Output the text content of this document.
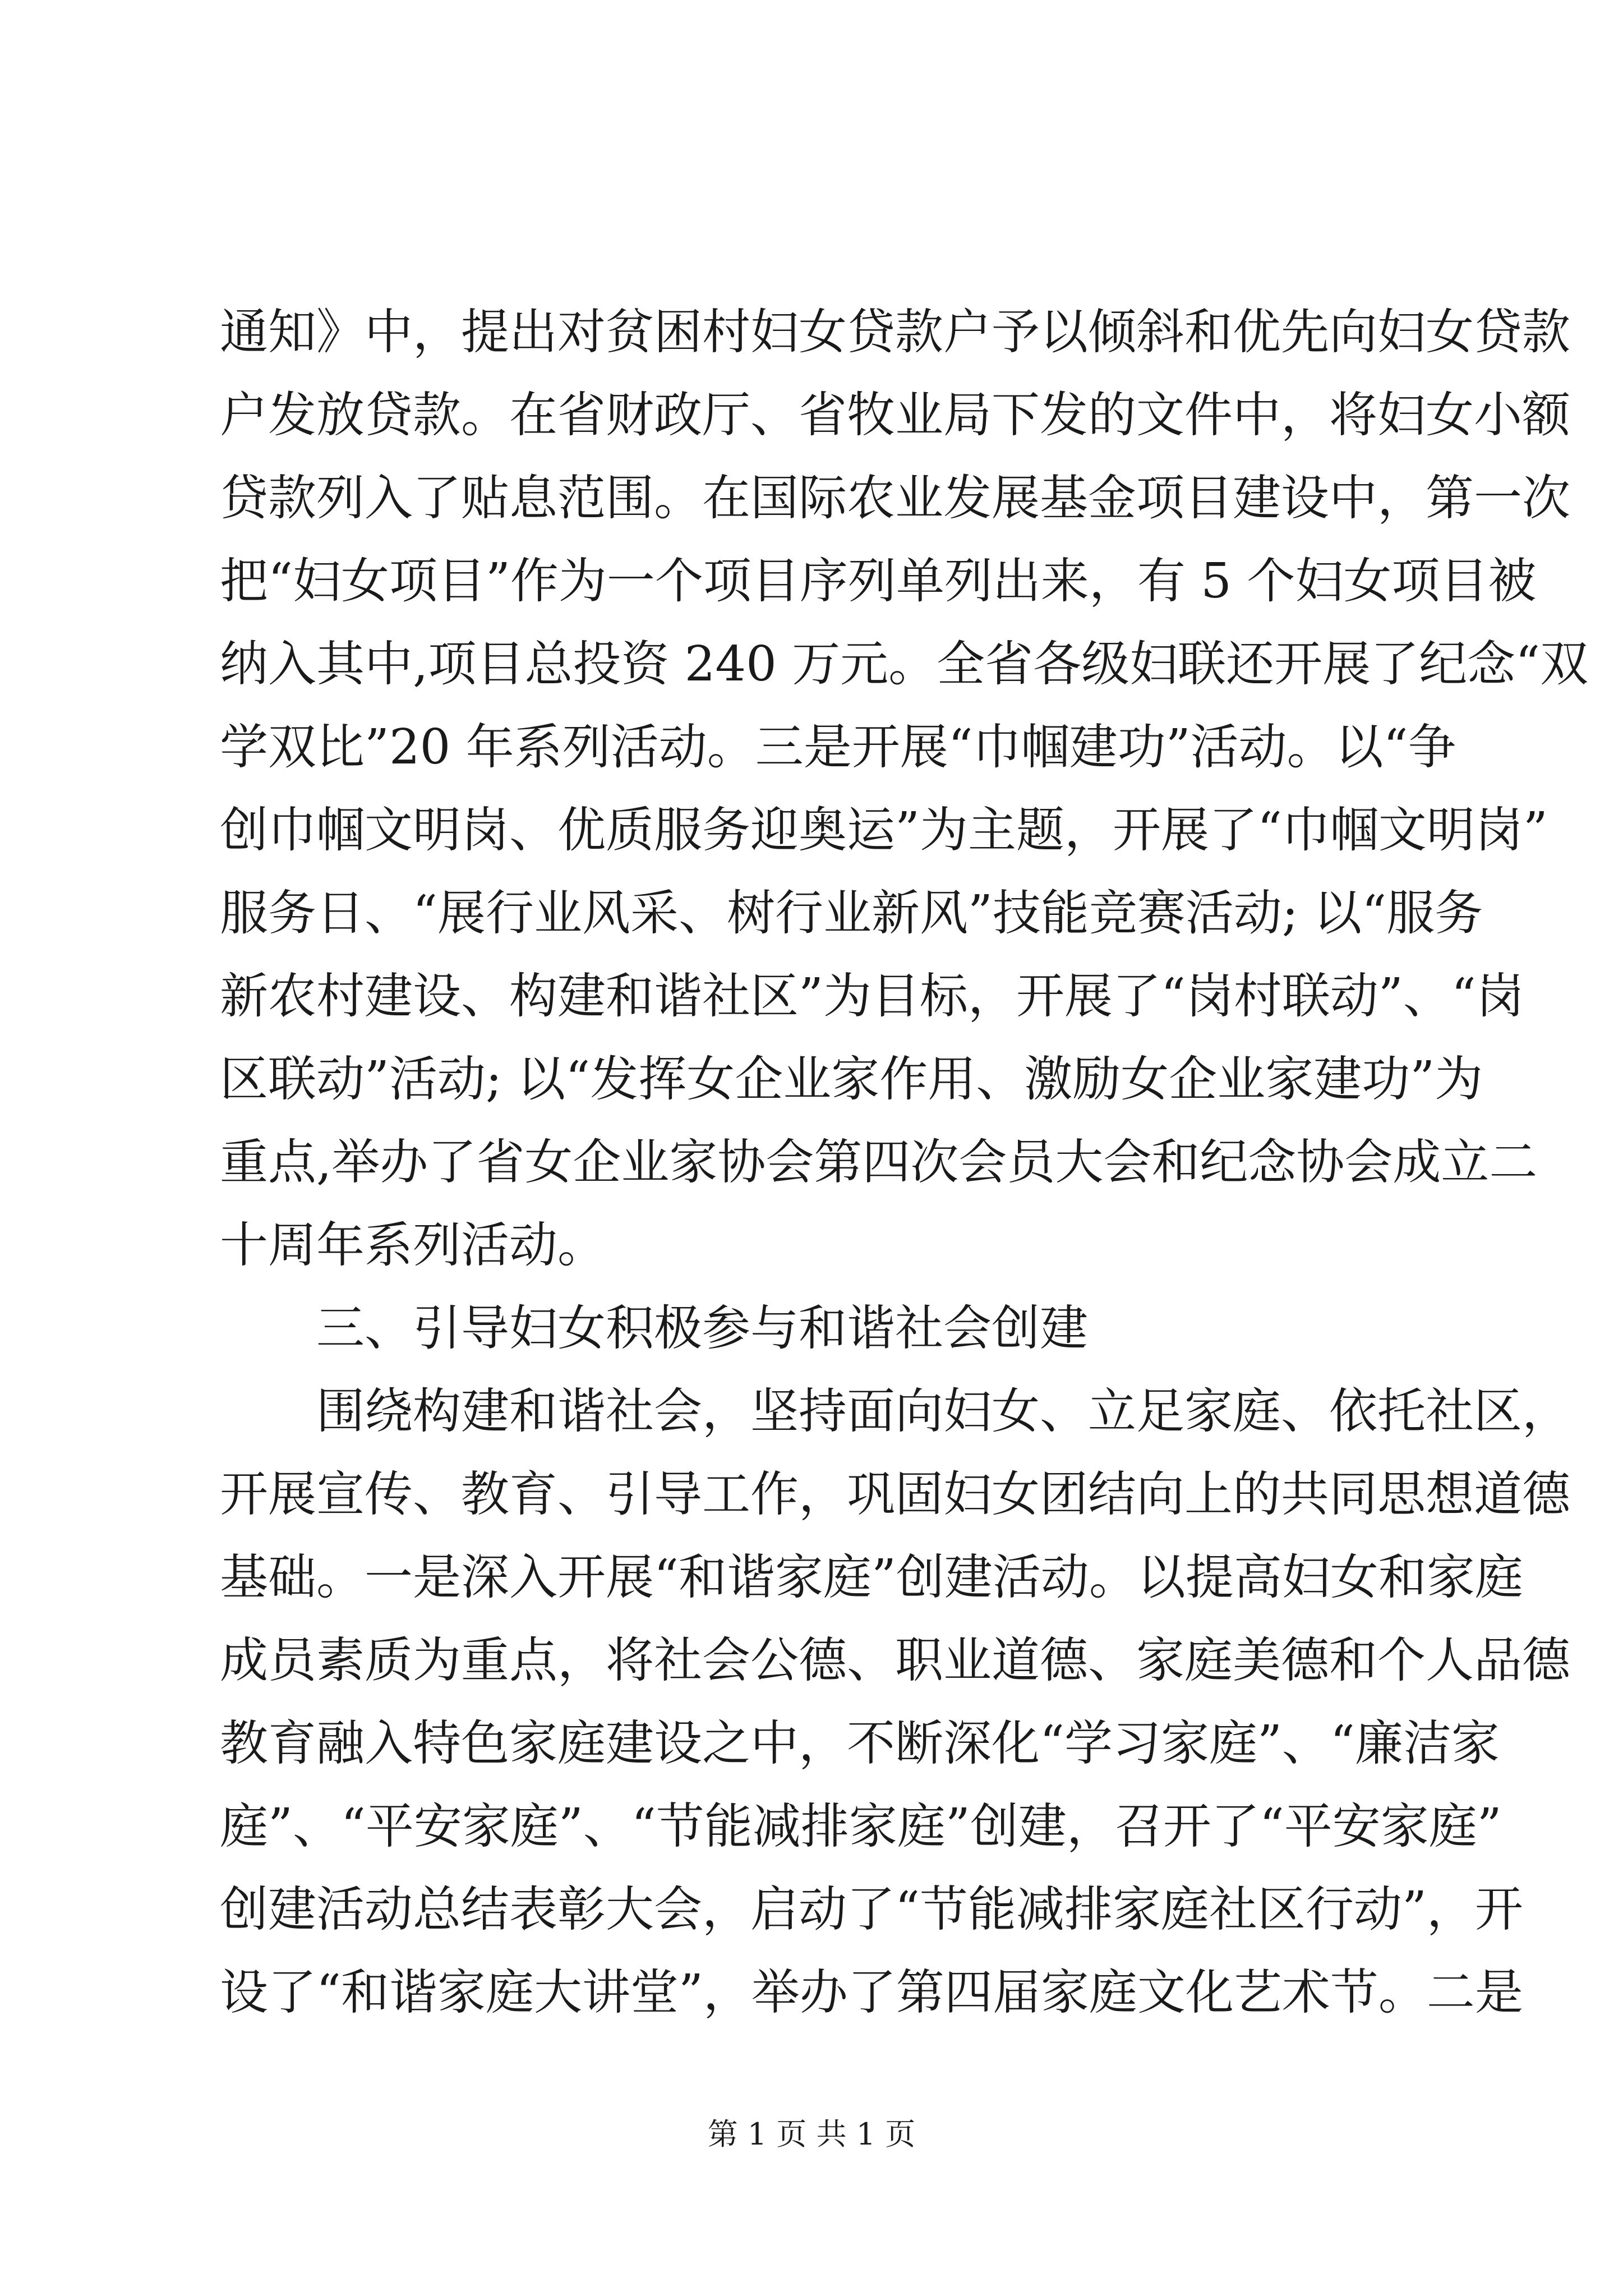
通知》中，提出对贫困村妇女贷款户予以倾斜和优先向妇女贷款
户发放贷款。在省财政厅、省牧业局下发的文件中，将妇女小额
贷款列入了贴息范围。在国际农业发展基金项目建设中，第一次
把“妇女项目”作为一个项目序列单列出来，有 5 个妇女项目被
纳入其中,项目总投资 240 万元。全省各级妇联还开展了纪念“双
学双比”20 年系列活动。三是开展“巾帼建功”活动。以“争
创巾帼文明岗、优质服务迎奥运”为主题，开展了“巾帼文明岗”
服务日、“展行业风采、树行业新风”技能竞赛活动; 以“服务
新农村建设、构建和谐社区”为目标，开展了“岗村联动”、“岗
区联动”活动; 以“发挥女企业家作用、激励女企业家建功”为
重点,举办了省女企业家协会第四次会员大会和纪念协会成立二
十周年系列活动。
三、引导妇女积极参与和谐社会创建
围绕构建和谐社会，坚持面向妇女、立足家庭、依托社区，
开展宣传、教育、引导工作，巩固妇女团结向上的共同思想道德
基础。一是深入开展“和谐家庭”创建活动。以提高妇女和家庭
成员素质为重点，将社会公德、职业道德、家庭美德和个人品德
教育融入特色家庭建设之中，不断深化“学习家庭”、“廉洁家
庭”、“平安家庭”、“节能减排家庭”创建，召开了“平安家庭”
创建活动总结表彰大会，启动了“节能减排家庭社区行动”，开
设了“和谐家庭大讲堂”，举办了第四届家庭文化艺术节。二是
第 1 页 共 1 页
